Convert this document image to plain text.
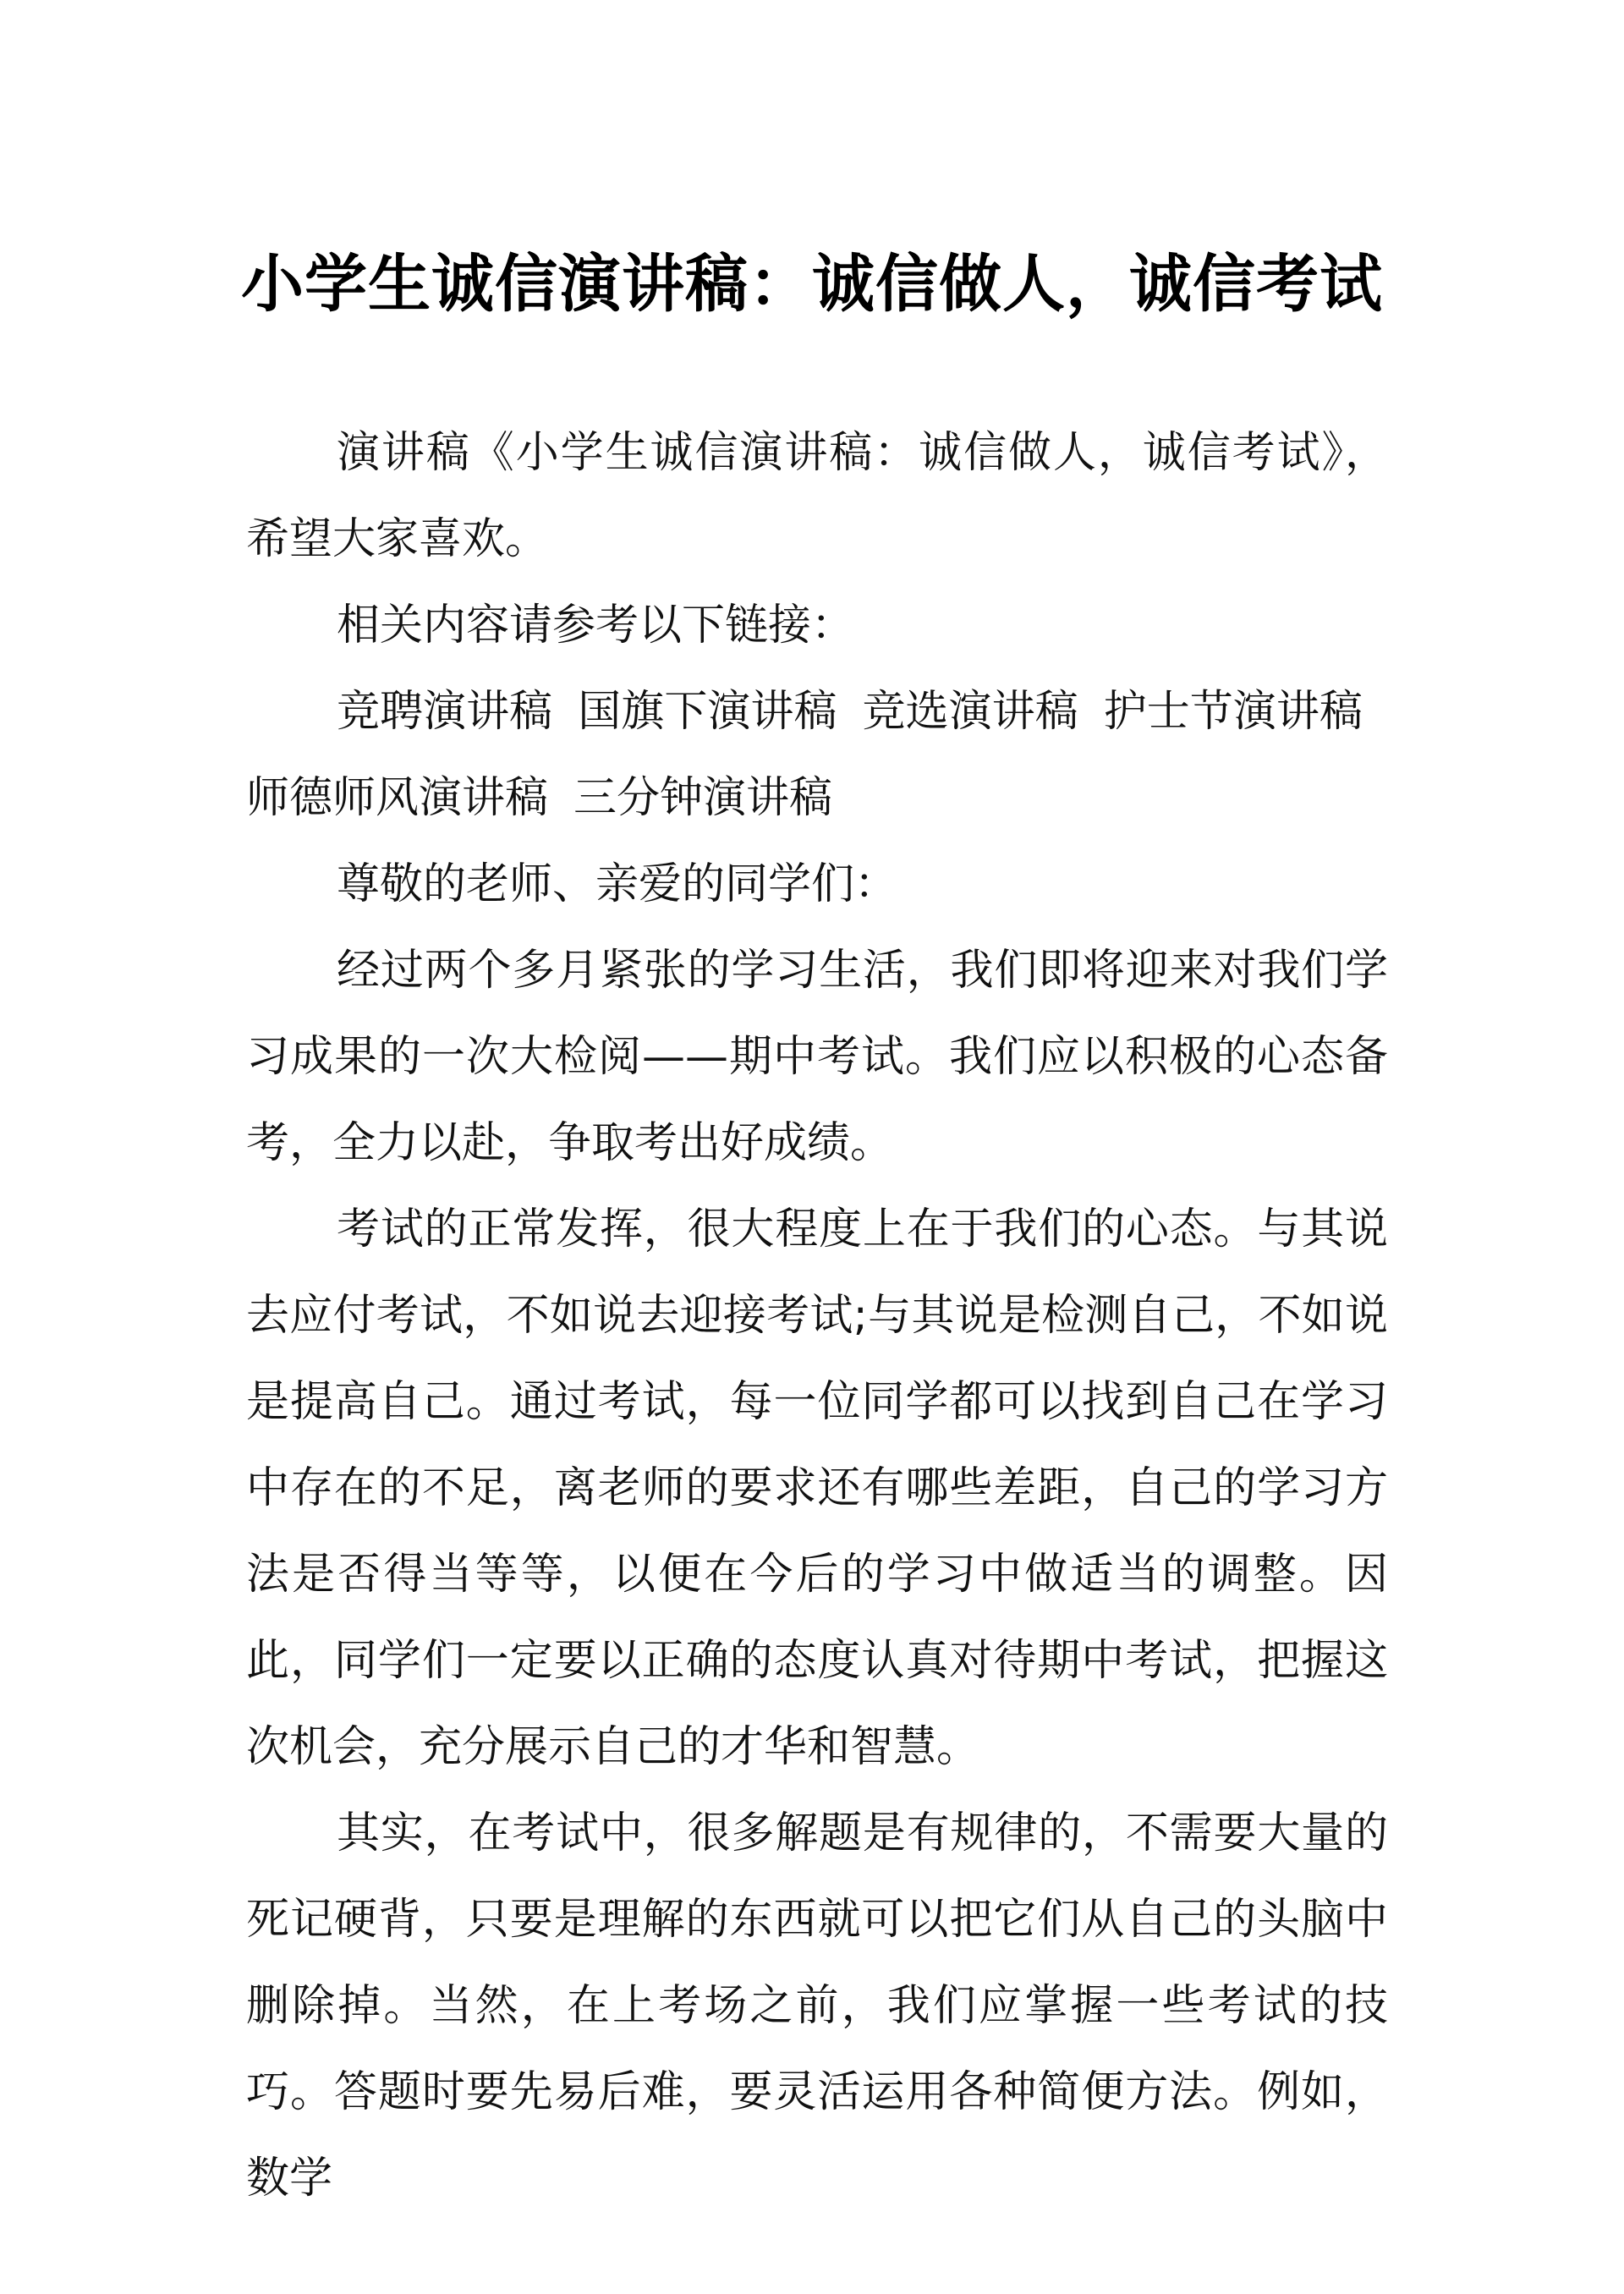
小学生诚信演讲稿：诚信做人，诚信考试

演讲稿《小学生诚信演讲稿：诚信做人，诚信考试》，希望大家喜欢。

相关内容请参考以下链接：

竞聘演讲稿 国旗下演讲稿 竞选演讲稿 护士节演讲稿师德师风演讲稿 三分钟演讲稿

尊敬的老师、亲爱的同学们：

经过两个多月紧张的学习生活，我们即将迎来对我们学习成果的一次大检阅——期中考试。我们应以积极的心态备考，全力以赴，争取考出好成绩。

考试的正常发挥，很大程度上在于我们的心态。与其说去应付考试，不如说去迎接考试;与其说是检测自己，不如说是提高自己。通过考试，每一位同学都可以找到自己在学习中存在的不足，离老师的要求还有哪些差距，自己的学习方法是否得当等等，以便在今后的学习中做适当的调整。因此，同学们一定要以正确的态度认真对待期中考试，把握这次机会，充分展示自己的才华和智慧。

其实，在考试中，很多解题是有规律的，不需要大量的死记硬背，只要是理解的东西就可以把它们从自己的头脑中删除掉。当然，在上考场之前，我们应掌握一些考试的技巧。答题时要先易后难，要灵活运用各种简便方法。例如，数学
